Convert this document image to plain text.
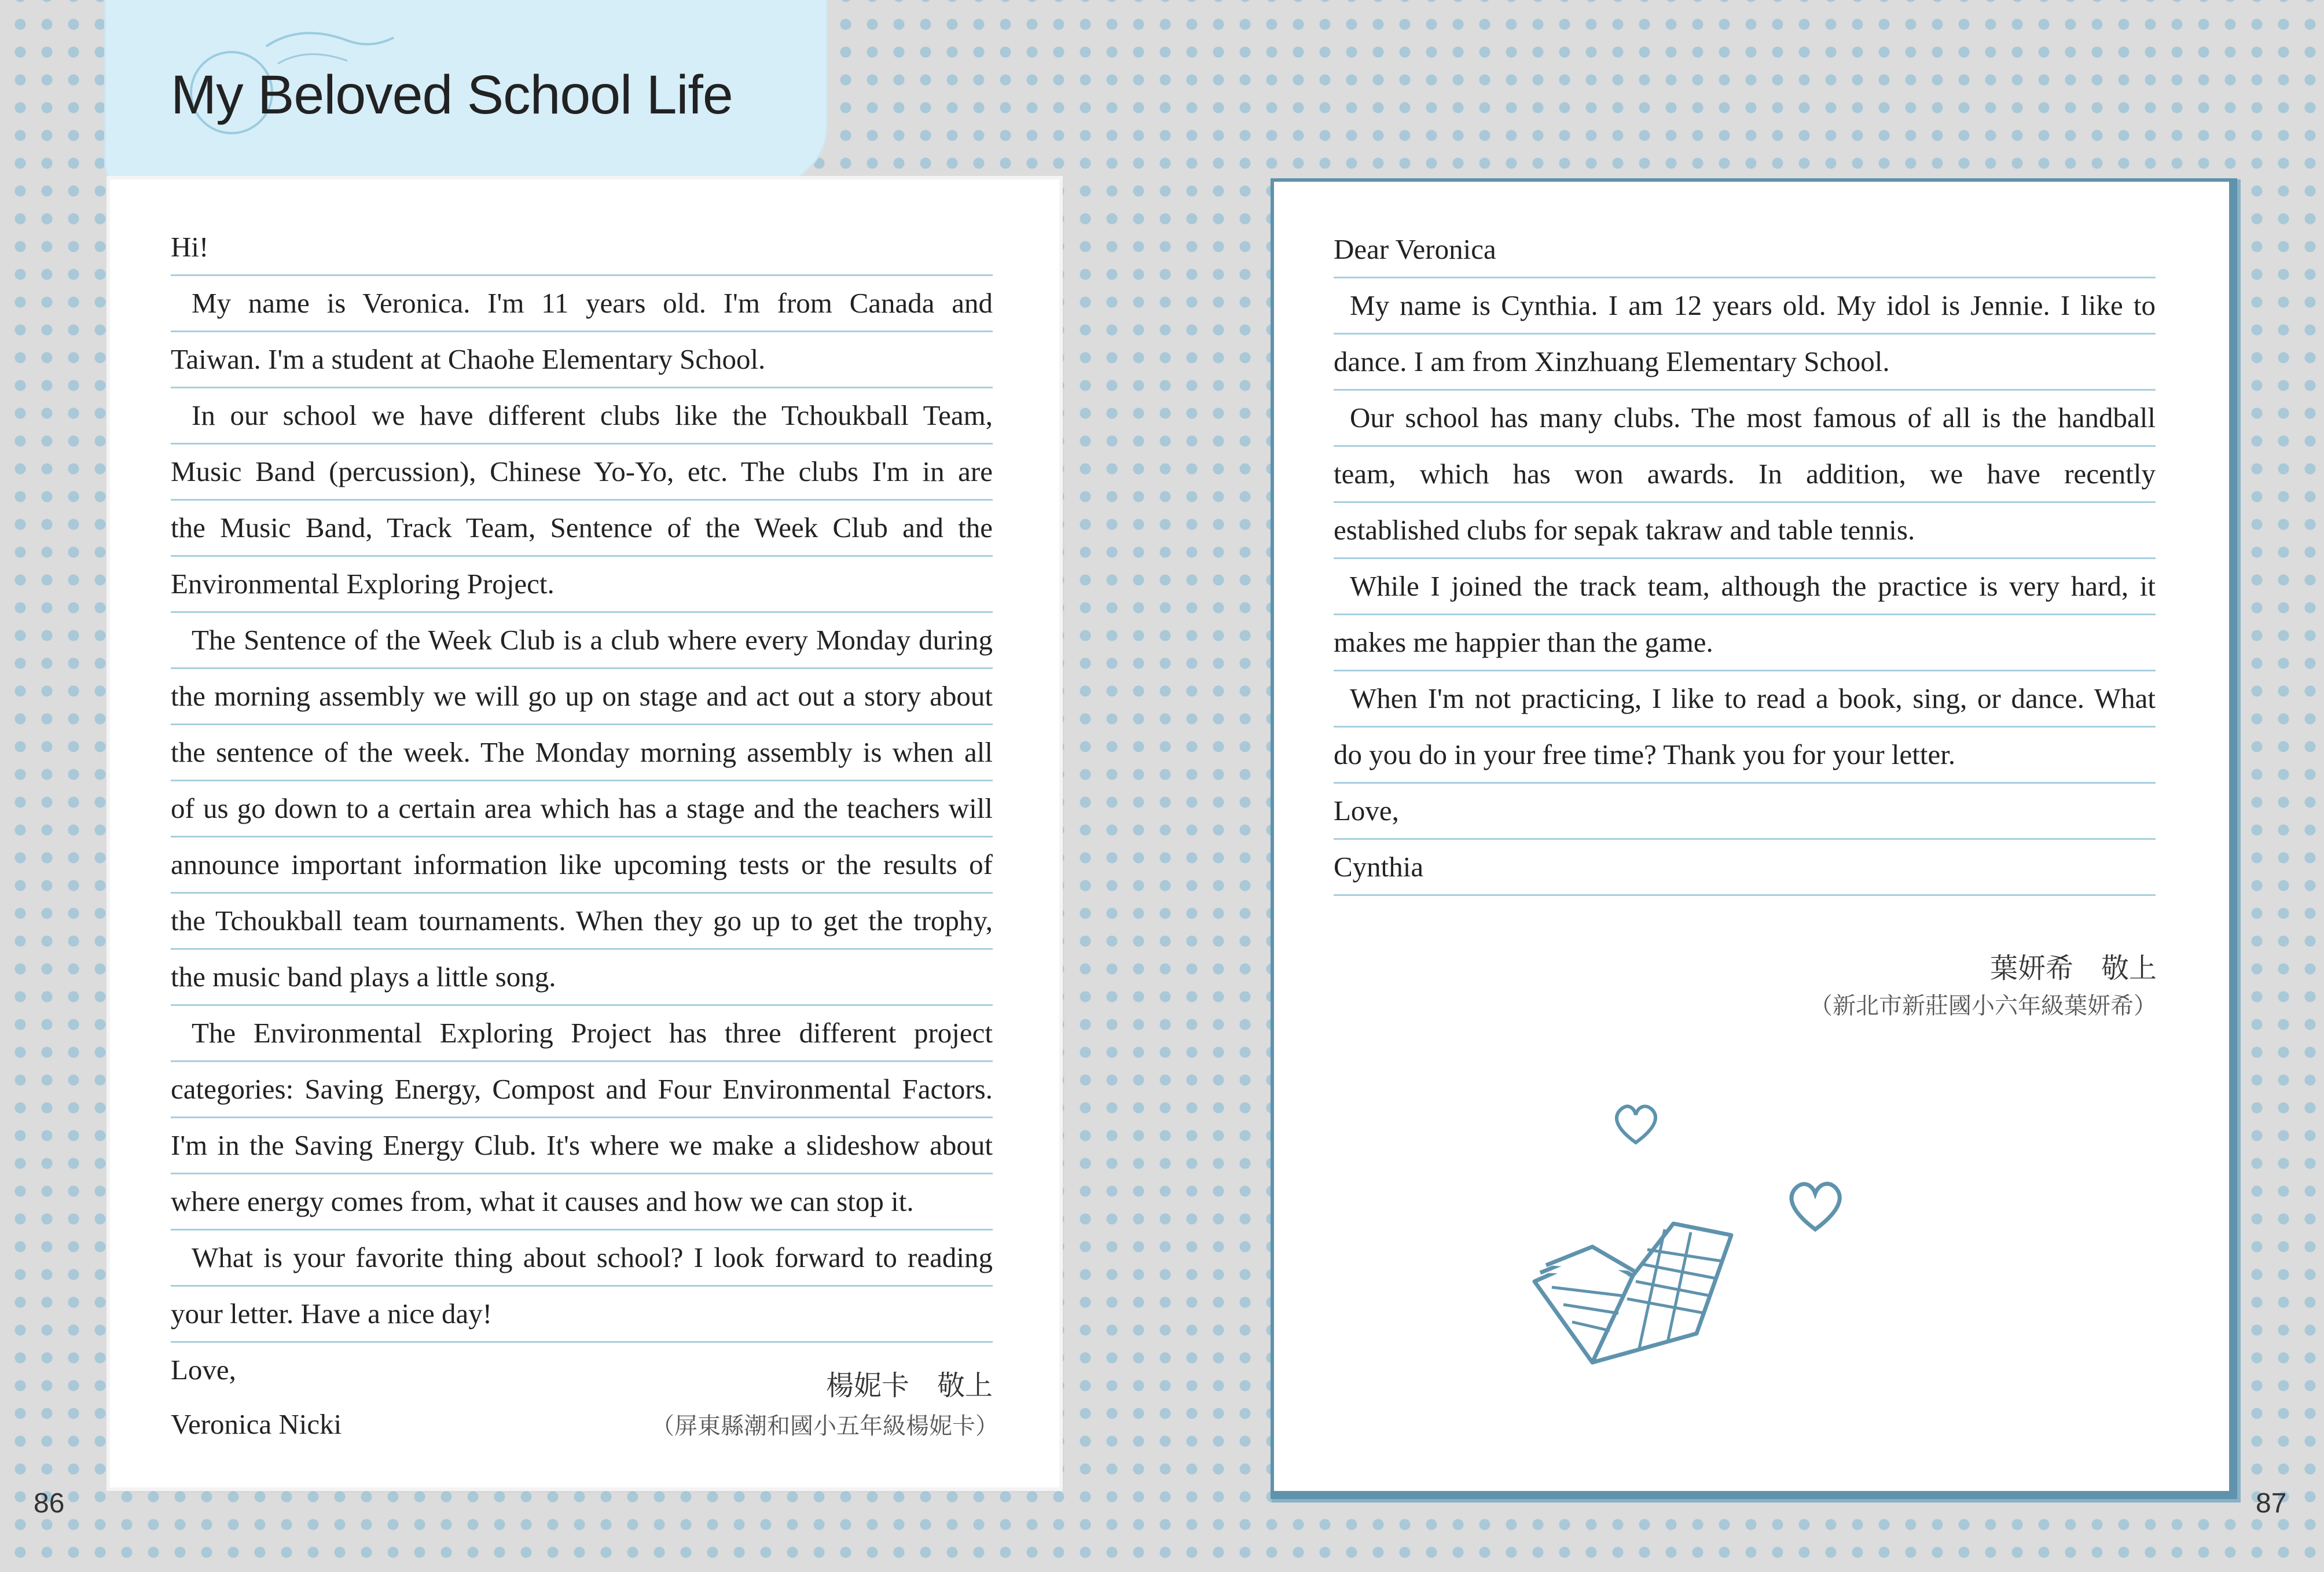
My Beloved School Life
Hi!
My name is Veronica. I'm 11 years old. I'm from Canada and
Taiwan. I'm a student at Chaohe Elementary School.
In our school we have different clubs like the Tchoukball Team,
Music Band (percussion), Chinese Yo-Yo, etc. The clubs I'm in are
the Music Band, Track Team, Sentence of the Week Club and the
Environmental Exploring Project.
The Sentence of the Week Club is a club where every Monday during
the morning assembly we will go up on stage and act out a story about
the sentence of the week. The Monday morning assembly is when all
of us go down to a certain area which has a stage and the teachers will
announce important information like upcoming tests or the results of
the Tchoukball team tournaments. When they go up to get the trophy,
the music band plays a little song.
The Environmental Exploring Project has three different project
categories: Saving Energy, Compost and Four Environmental Factors.
I'm in the Saving Energy Club. It's where we make a slideshow about
where energy comes from, what it causes and how we can stop it.
What is your favorite thing about school? I look forward to reading
your letter. Have a nice day!
Love,
Veronica Nicki
楊妮卡　敬上
（屏東縣潮和國小五年級楊妮卡）
Dear Veronica
My name is Cynthia. I am 12 years old. My idol is Jennie. I like to
dance. I am from Xinzhuang Elementary School.
Our school has many clubs. The most famous of all is the handball
team, which has won awards. In addition, we have recently
established clubs for sepak takraw and table tennis.
While I joined the track team, although the practice is very hard, it
makes me happier than the game.
When I'm not practicing, I like to read a book, sing, or dance. What
do you do in your free time? Thank you for your letter.
Love,
Cynthia
葉妍希　敬上
（新北市新莊國小六年級葉妍希）
86	87
